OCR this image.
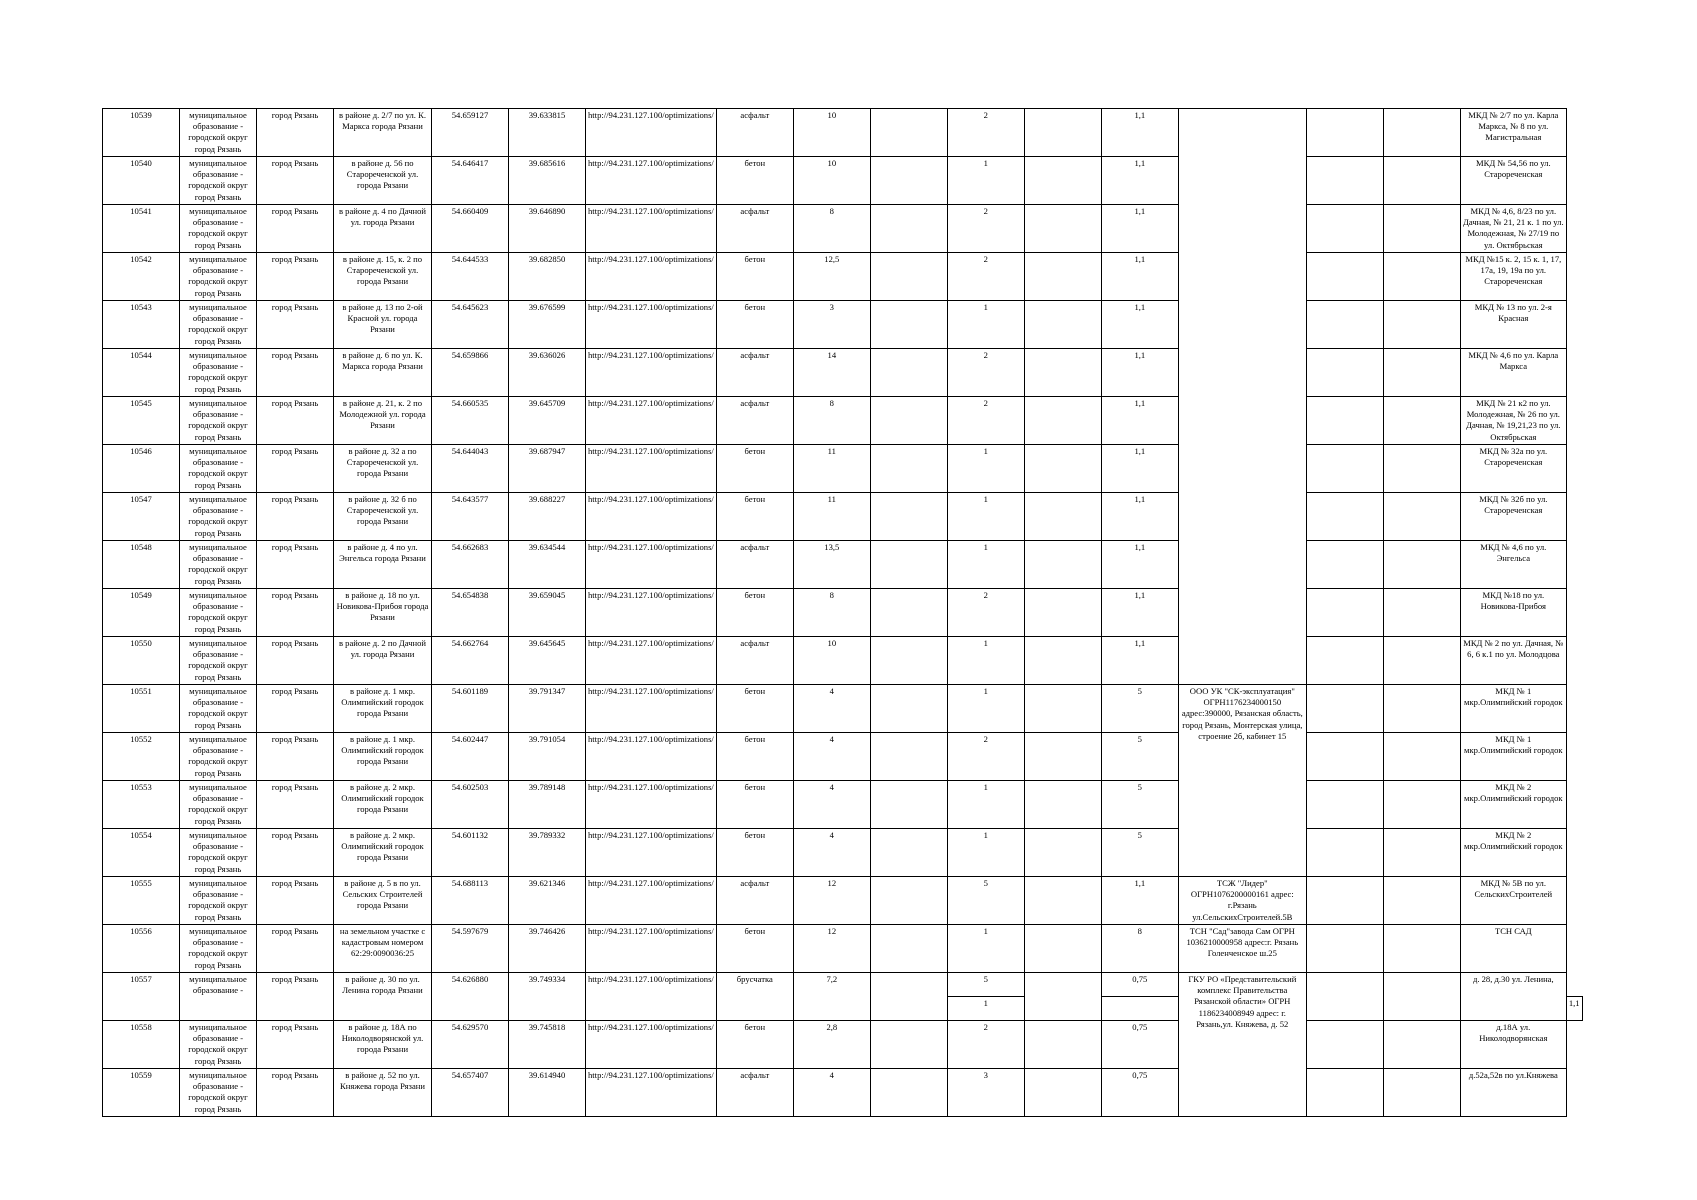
10539	муниципальное образование - городской округ город Рязань	город Рязань	в районе д. 2/7 по ул. К. Маркса города Рязани	54.659127	39.633815	http://94.231.127.100/optimizations/	асфальт	10		2		1,1				МКД № 2/7 по ул. Карла Маркса, № 8 по ул. Магистральная	
10540	муниципальное образование - городской округ город Рязань	город Рязань	в районе д. 56 по Старореченской ул. города Рязани	54.646417	39.685616	http://94.231.127.100/optimizations/	бетон	10		1		1,1				МКД № 54,56 по ул. Старореченская	
10541	муниципальное образование - городской округ город Рязань	город Рязань	в районе д. 4 по Дачной ул. города Рязани	54.660409	39.646890	http://94.231.127.100/optimizations/	асфальт	8		2		1,1				МКД № 4,6, 8/23 по ул. Дачная, № 21, 21 к. 1 по ул. Молодежная, № 27/19 по ул. Октябрьская	
10542	муниципальное образование - городской округ город Рязань	город Рязань	в районе д. 15, к. 2 по Старореченской ул. города Рязани	54.644533	39.682850	http://94.231.127.100/optimizations/	бетон	12,5		2		1,1				МКД №15 к. 2, 15 к. 1, 17, 17а, 19, 19а по ул. Старореченская	
10543	муниципальное образование - городской округ город Рязань	город Рязань	в районе д. 13 по 2-ой Красной ул. города Рязани	54.645623	39.676599	http://94.231.127.100/optimizations/	бетон	3		1		1,1				МКД № 13 по ул. 2-я Красная	
10544	муниципальное образование - городской округ город Рязань	город Рязань	в районе д. 6 по ул. К. Маркса города Рязани	54.659866	39.636026	http://94.231.127.100/optimizations/	асфальт	14		2		1,1				МКД № 4,6 по ул. Карла Маркса	
10545	муниципальное образование - городской округ город Рязань	город Рязань	в районе д. 21, к. 2 по Молодежной ул. города Рязани	54.660535	39.645709	http://94.231.127.100/optimizations/	асфальт	8		2		1,1				МКД № 21 к2 по ул. Молодежная, № 26 по ул. Дачная, № 19,21,23 по ул. Октябрьская	
10546	муниципальное образование - городской округ город Рязань	город Рязань	в районе д. 32 а по Старореченской ул. города Рязани	54.644043	39.687947	http://94.231.127.100/optimizations/	бетон	11		1		1,1				МКД № 32а по ул. Старореченская	
10547	муниципальное образование - городской округ город Рязань	город Рязань	в районе д. 32 б по Старореченской ул. города Рязани	54.643577	39.688227	http://94.231.127.100/optimizations/	бетон	11		1		1,1				МКД № 32б по ул. Старореченская	
10548	муниципальное образование - городской округ город Рязань	город Рязань	в районе д. 4 по ул. Энгельса города Рязани	54.662683	39.634544	http://94.231.127.100/optimizations/	асфальт	13,5		1		1,1				МКД № 4,6 по ул. Энгельса	
10549	муниципальное образование - городской округ город Рязань	город Рязань	в районе д. 18 по ул. Новикова-Прибоя города Рязани	54.654838	39.659045	http://94.231.127.100/optimizations/	бетон	8		2		1,1				МКД №18 по ул. Новикова-Прибоя	
10550	муниципальное образование - городской округ город Рязань	город Рязань	в районе д. 2 по Дачной ул. города Рязани	54.662764	39.645645	http://94.231.127.100/optimizations/	асфальт	10		1		1,1				МКД № 2 по ул. Дачная, № 6, 6 к.1 по ул. Молодцова	
10551	муниципальное образование - городской округ город Рязань	город Рязань	в районе д. 1 мкр. Олимпийский городок города Рязани	54.601189	39.791347	http://94.231.127.100/optimizations/	бетон	4		1		5	ООО УК "СК-эксплуатация" ОГРН1176234000150 адрес:390000, Рязанская область, город Рязань, Монтерская улица, строение 2б, кабинет 15			МКД № 1 мкр.Олимпийский городок	
10552	муниципальное образование - городской округ город Рязань	город Рязань	в районе д. 1 мкр. Олимпийский городок города Рязани	54.602447	39.791054	http://94.231.127.100/optimizations/	бетон	4		2		5				МКД № 1 мкр.Олимпийский городок	
10553	муниципальное образование - городской округ город Рязань	город Рязань	в районе д. 2 мкр. Олимпийский городок города Рязани	54.602503	39.789148	http://94.231.127.100/optimizations/	бетон	4		1		5				МКД № 2 мкр.Олимпийский городок	
10554	муниципальное образование - городской округ город Рязань	город Рязань	в районе д. 2 мкр. Олимпийский городок города Рязани	54.601132	39.789332	http://94.231.127.100/optimizations/	бетон	4		1		5				МКД № 2 мкр.Олимпийский городок	
10555	муниципальное образование - городской округ город Рязань	город Рязань	в районе д. 5 в по ул. Сельских Строителей города Рязани	54.688113	39.621346	http://94.231.127.100/optimizations/	асфальт	12		5		1,1	ТСЖ "Лидер" ОГРН1076200000161 адрес: г.Рязань ул.СельскихСтроителей.5В			МКД № 5В по ул. СельскихСтроителей	
10556	муниципальное образование - городской округ город Рязань	город Рязань	на земельном участке с кадастровым номером 62:29:0090036:25	54.597679	39.746426	http://94.231.127.100/optimizations/	бетон	12		1		8	ТСН "Сад"завода Сам ОГРН 1036210000958 адрес:г. Рязань Голенченское ш.25			ТСН САД	
10557	муниципальное образование -	город Рязань	в районе д. 30 по ул. Ленина города Рязани	54.626880	39.749334	http://94.231.127.100/optimizations/	брусчатка	7,2		5		0,75	ГКУ РО «Представительский комплекс Правительства Рязанской области» ОГРН 1186234008949 адрес: г. Рязань,ул. Княжева, д. 52			д. 28, д.30 ул. Ленина,	
										1							1,1
10558	муниципальное образование - городской округ город Рязань	город Рязань	в районе д. 18А по Николодворянской ул. города Рязани	54.629570	39.745818	http://94.231.127.100/optimizations/	бетон	2,8		2		0,75				д.18А ул. Николодворянская	
10559	муниципальное образование - городской округ город Рязань	город Рязань	в районе д. 52 по ул. Княжева города Рязани	54.657407	39.614940	http://94.231.127.100/optimizations/	асфальт	4		3		0,75				д.52а,52в по ул.Княжева	
